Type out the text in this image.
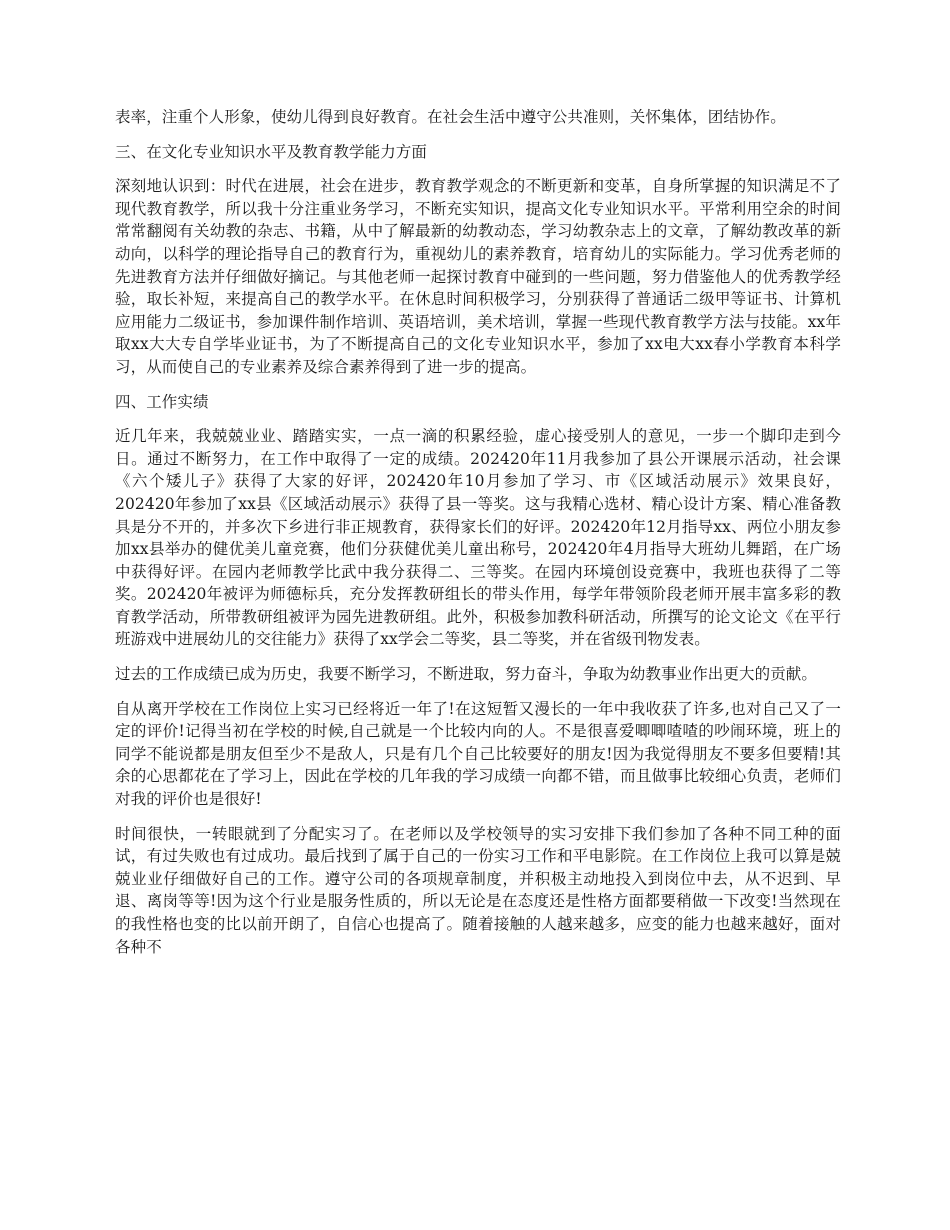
表率，注重个人形象，使幼儿得到良好教育。在社会生活中遵守公共准则，关怀集体，团结协作。

三、在文化专业知识水平及教育教学能力方面

深刻地认识到：时代在进展，社会在进步，教育教学观念的不断更新和变革，自身所掌握的知识满足不了现代教育教学，所以我十分注重业务学习，不断充实知识，提高文化专业知识水平。平常利用空余的时间常常翻阅有关幼教的杂志、书籍，从中了解最新的幼教动态，学习幼教杂志上的文章，了解幼教改革的新动向，以科学的理论指导自己的教育行为，重视幼儿的素养教育，培育幼儿的实际能力。学习优秀老师的先进教育方法并仔细做好摘记。与其他老师一起探讨教育中碰到的一些问题，努力借鉴他人的优秀教学经验，取长补短，来提高自己的教学水平。在休息时间积极学习，分别获得了普通话二级甲等证书、计算机应用能力二级证书，参加课件制作培训、英语培训，美术培训，掌握一些现代教育教学方法与技能。xx年取xx大大专自学毕业证书，为了不断提高自己的文化专业知识水平，参加了xx电大xx春小学教育本科学习，从而使自己的专业素养及综合素养得到了进一步的提高。

四、工作实绩

近几年来，我兢兢业业、踏踏实实，一点一滴的积累经验，虚心接受别人的意见，一步一个脚印走到今日。通过不断努力，在工作中取得了一定的成绩。202420年11月我参加了县公开课展示活动，社会课《六个矮儿子》获得了大家的好评，202420年10月参加了学习、市《区域活动展示》效果良好，202420年参加了xx县《区域活动展示》获得了县一等奖。这与我精心选材、精心设计方案、精心准备教具是分不开的，并多次下乡进行非正规教育，获得家长们的好评。202420年12月指导xx、两位小朋友参加xx县举办的健优美儿童竞赛，他们分获健优美儿童出称号，202420年4月指导大班幼儿舞蹈，在广场中获得好评。在园内老师教学比武中我分获得二、三等奖。在园内环境创设竞赛中，我班也获得了二等奖。202420年被评为师德标兵，充分发挥教研组长的带头作用，每学年带领阶段老师开展丰富多彩的教育教学活动，所带教研组被评为园先进教研组。此外，积极参加教科研活动，所撰写的论文论文《在平行班游戏中进展幼儿的交往能力》获得了xx学会二等奖，县二等奖，并在省级刊物发表。

过去的工作成绩已成为历史，我要不断学习，不断进取，努力奋斗，争取为幼教事业作出更大的贡献。

自从离开学校在工作岗位上实习已经将近一年了!在这短暂又漫长的一年中我收获了许多,也对自己又了一定的评价!记得当初在学校的时候,自己就是一个比较内向的人。不是很喜爱唧唧喳喳的吵闹环境，班上的同学不能说都是朋友但至少不是敌人，只是有几个自己比较要好的朋友!因为我觉得朋友不要多但要精!其余的心思都花在了学习上，因此在学校的几年我的学习成绩一向都不错，而且做事比较细心负责，老师们对我的评价也是很好!

时间很快，一转眼就到了分配实习了。在老师以及学校领导的实习安排下我们参加了各种不同工种的面试，有过失败也有过成功。最后找到了属于自己的一份实习工作和平电影院。在工作岗位上我可以算是兢兢业业仔细做好自己的工作。遵守公司的各项规章制度，并积极主动地投入到岗位中去，从不迟到、早退、离岗等等!因为这个行业是服务性质的，所以无论是在态度还是性格方面都要稍做一下改变!当然现在的我性格也变的比以前开朗了，自信心也提高了。随着接触的人越来越多，应变的能力也越来越好，面对各种不
